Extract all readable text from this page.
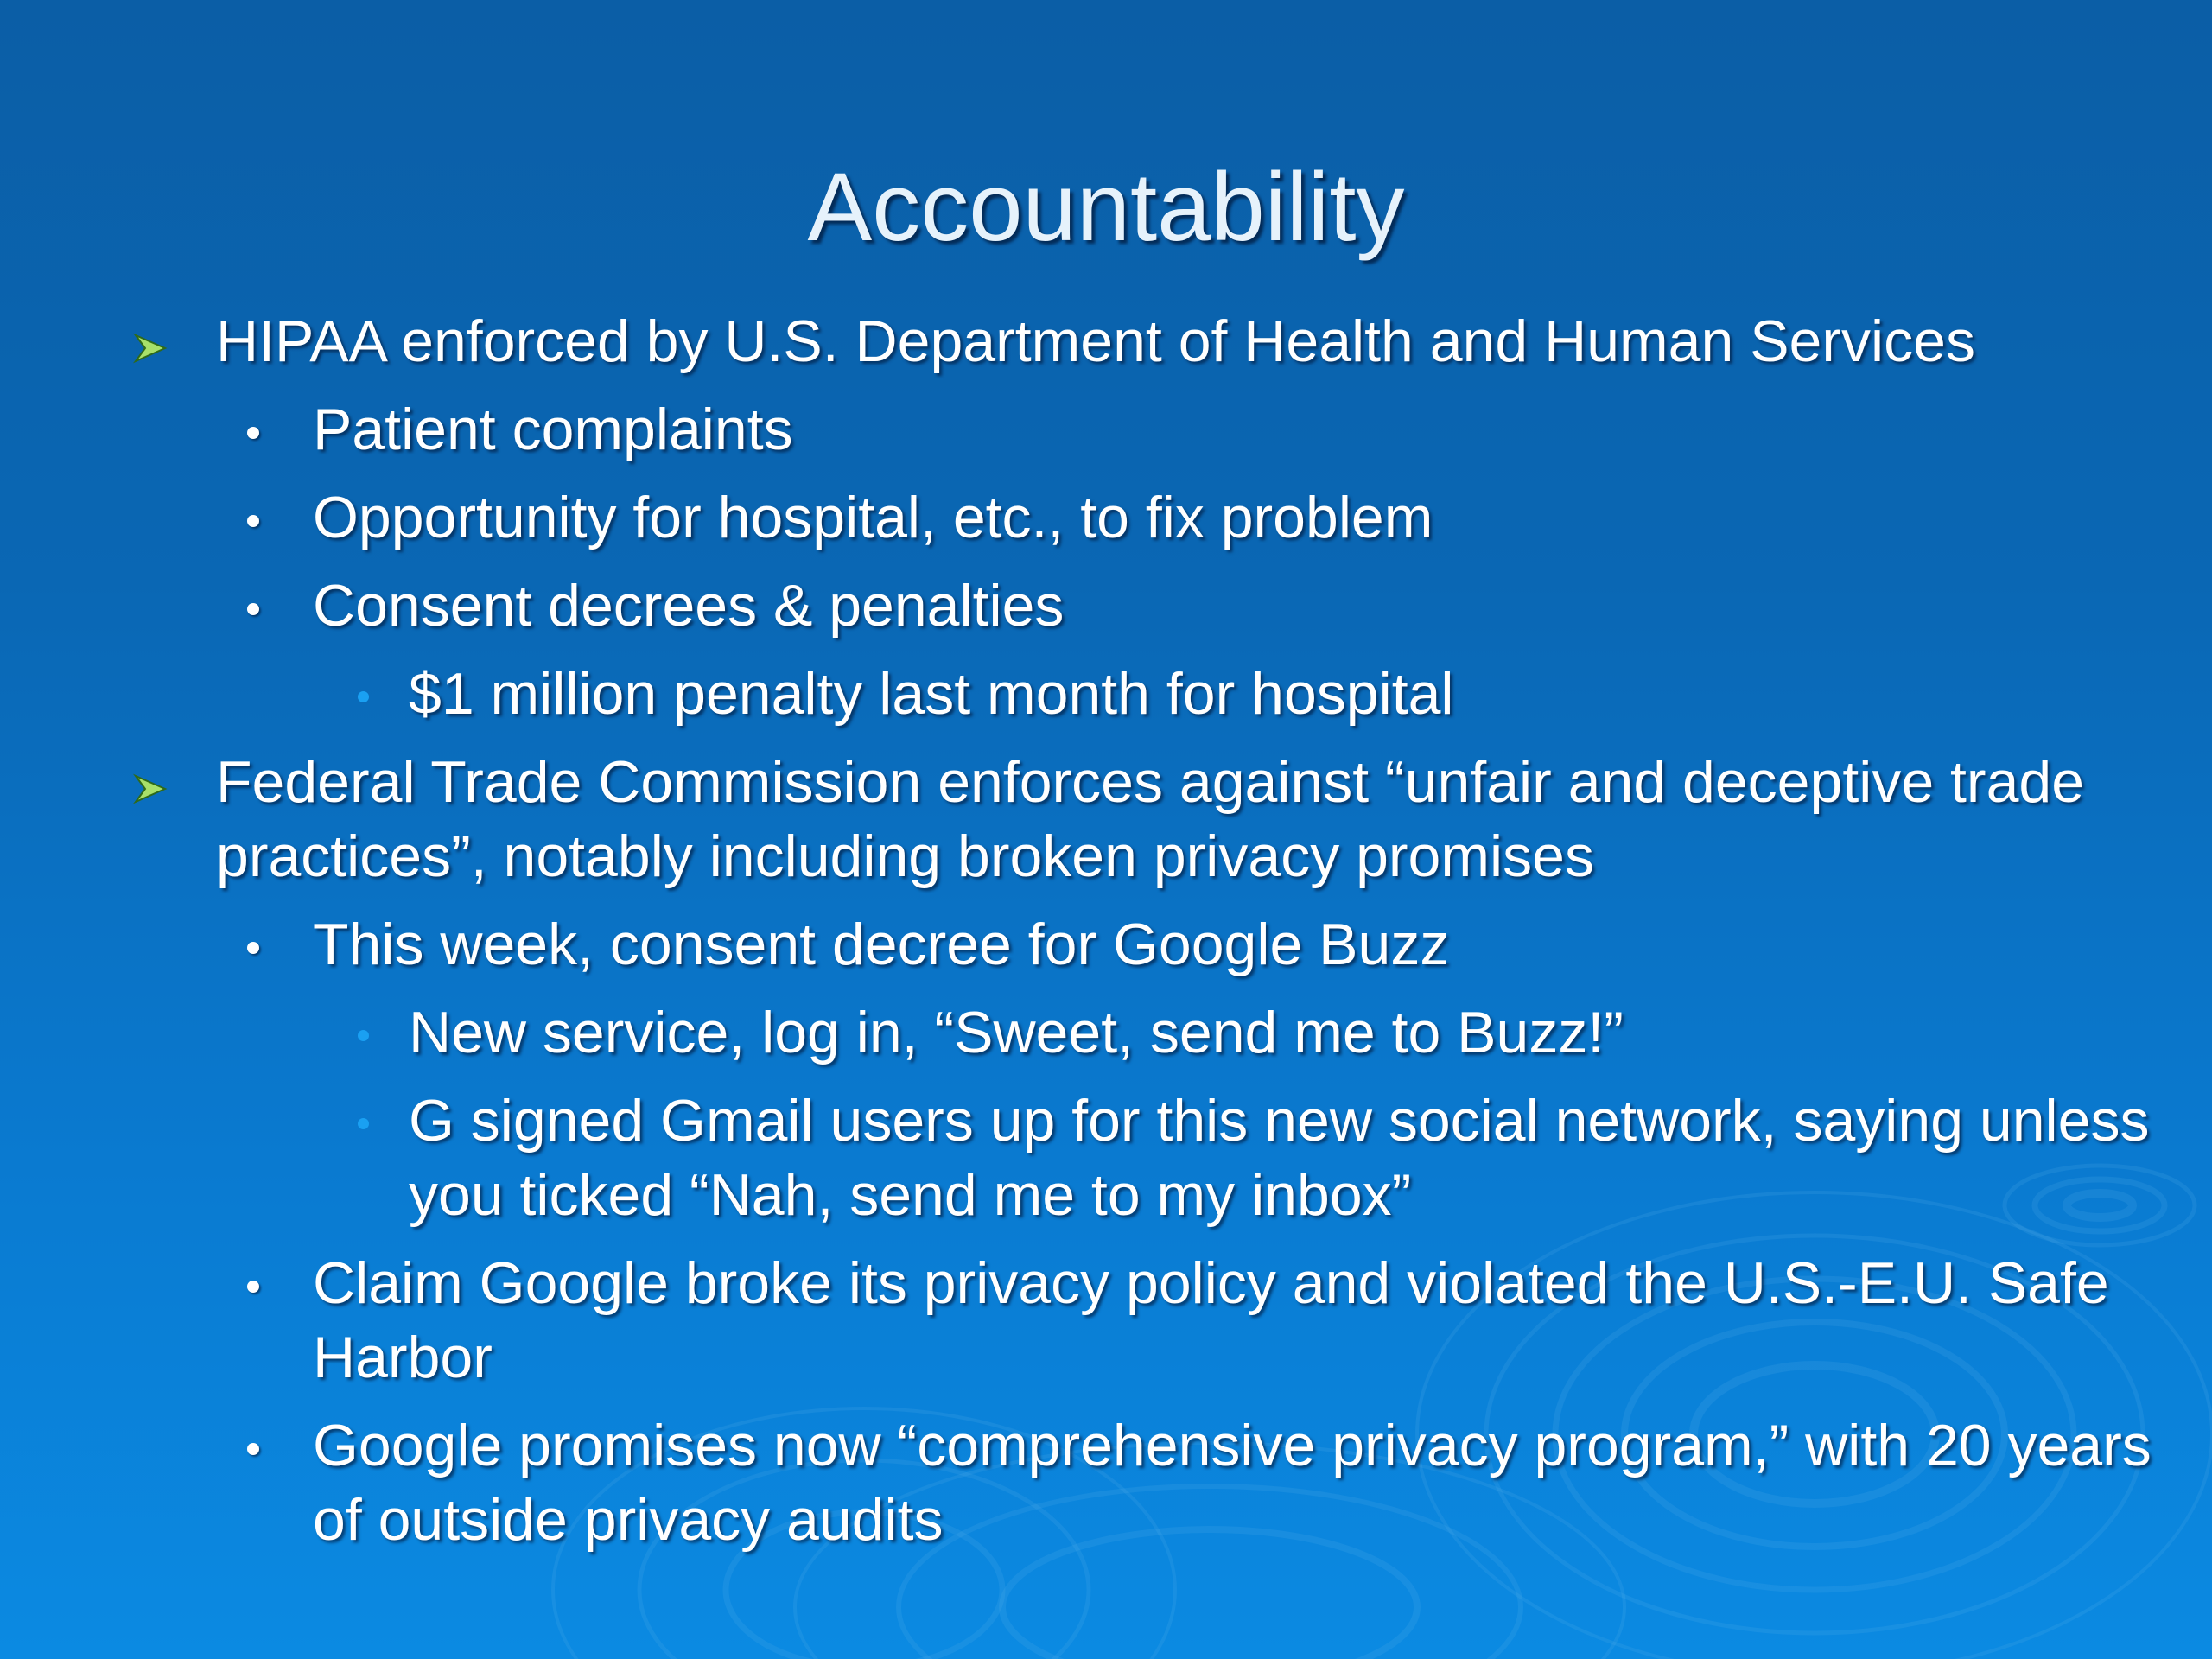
Accountability
HIPAA enforced by U.S. Department of Health and Human Services
Patient complaints
Opportunity for hospital, etc., to fix problem
Consent decrees & penalties
$1 million penalty last month for hospital
Federal Trade Commission enforces against “unfair and deceptive trade practices”, notably including broken privacy promises
This week, consent decree for Google Buzz
New service, log in, “Sweet, send me to Buzz!”
G signed Gmail users up for this new social network, saying unless you ticked “Nah, send me to my inbox”
Claim Google broke its privacy policy and violated the U.S.-E.U. Safe Harbor
Google promises now “comprehensive privacy program,” with 20 years of outside privacy audits
